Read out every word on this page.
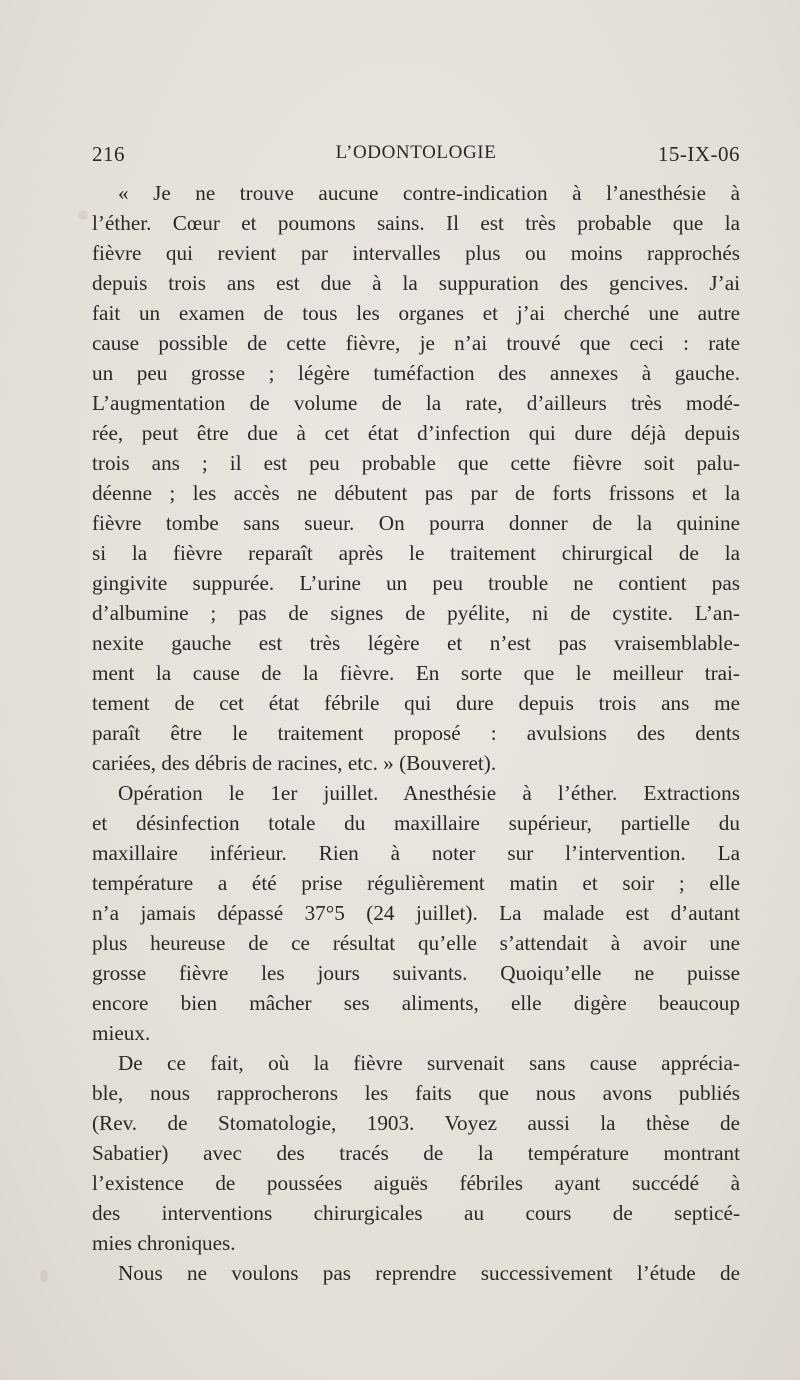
216	L’ODONTOLOGIE	15-IX-06
« Je ne trouve aucune contre-indication à l’anesthésie à
l’éther. Cœur et poumons sains. Il est très probable que la
fièvre qui revient par intervalles plus ou moins rapprochés
depuis trois ans est due à la suppuration des gencives. J’ai
fait un examen de tous les organes et j’ai cherché une autre
cause possible de cette fièvre, je n’ai trouvé que ceci : rate
un peu grosse ; légère tuméfaction des annexes à gauche.
L’augmentation de volume de la rate, d’ailleurs très modé-
rée, peut être due à cet état d’infection qui dure déjà depuis
trois ans ; il est peu probable que cette fièvre soit palu-
déenne ; les accès ne débutent pas par de forts frissons et la
fièvre tombe sans sueur. On pourra donner de la quinine
si la fièvre reparaît après le traitement chirurgical de la
gingivite suppurée. L’urine un peu trouble ne contient pas
d’albumine ; pas de signes de pyélite, ni de cystite. L’an-
nexite gauche est très légère et n’est pas vraisemblable-
ment la cause de la fièvre. En sorte que le meilleur trai-
tement de cet état fébrile qui dure depuis trois ans me
paraît être le traitement proposé : avulsions des dents
cariées, des débris de racines, etc. » (Bouveret).
Opération le 1er juillet. Anesthésie à l’éther. Extractions
et désinfection totale du maxillaire supérieur, partielle du
maxillaire inférieur. Rien à noter sur l’intervention. La
température a été prise régulièrement matin et soir ; elle
n’a jamais dépassé 37°5 (24 juillet). La malade est d’autant
plus heureuse de ce résultat qu’elle s’attendait à avoir une
grosse fièvre les jours suivants. Quoiqu’elle ne puisse
encore bien mâcher ses aliments, elle digère beaucoup
mieux.
De ce fait, où la fièvre survenait sans cause apprécia-
ble, nous rapprocherons les faits que nous avons publiés
(Rev. de Stomatologie, 1903. Voyez aussi la thèse de
Sabatier) avec des tracés de la température montrant
l’existence de poussées aiguës fébriles ayant succédé à
des interventions chirurgicales au cours de septicé-
mies chroniques.
Nous ne voulons pas reprendre successivement l’étude de
